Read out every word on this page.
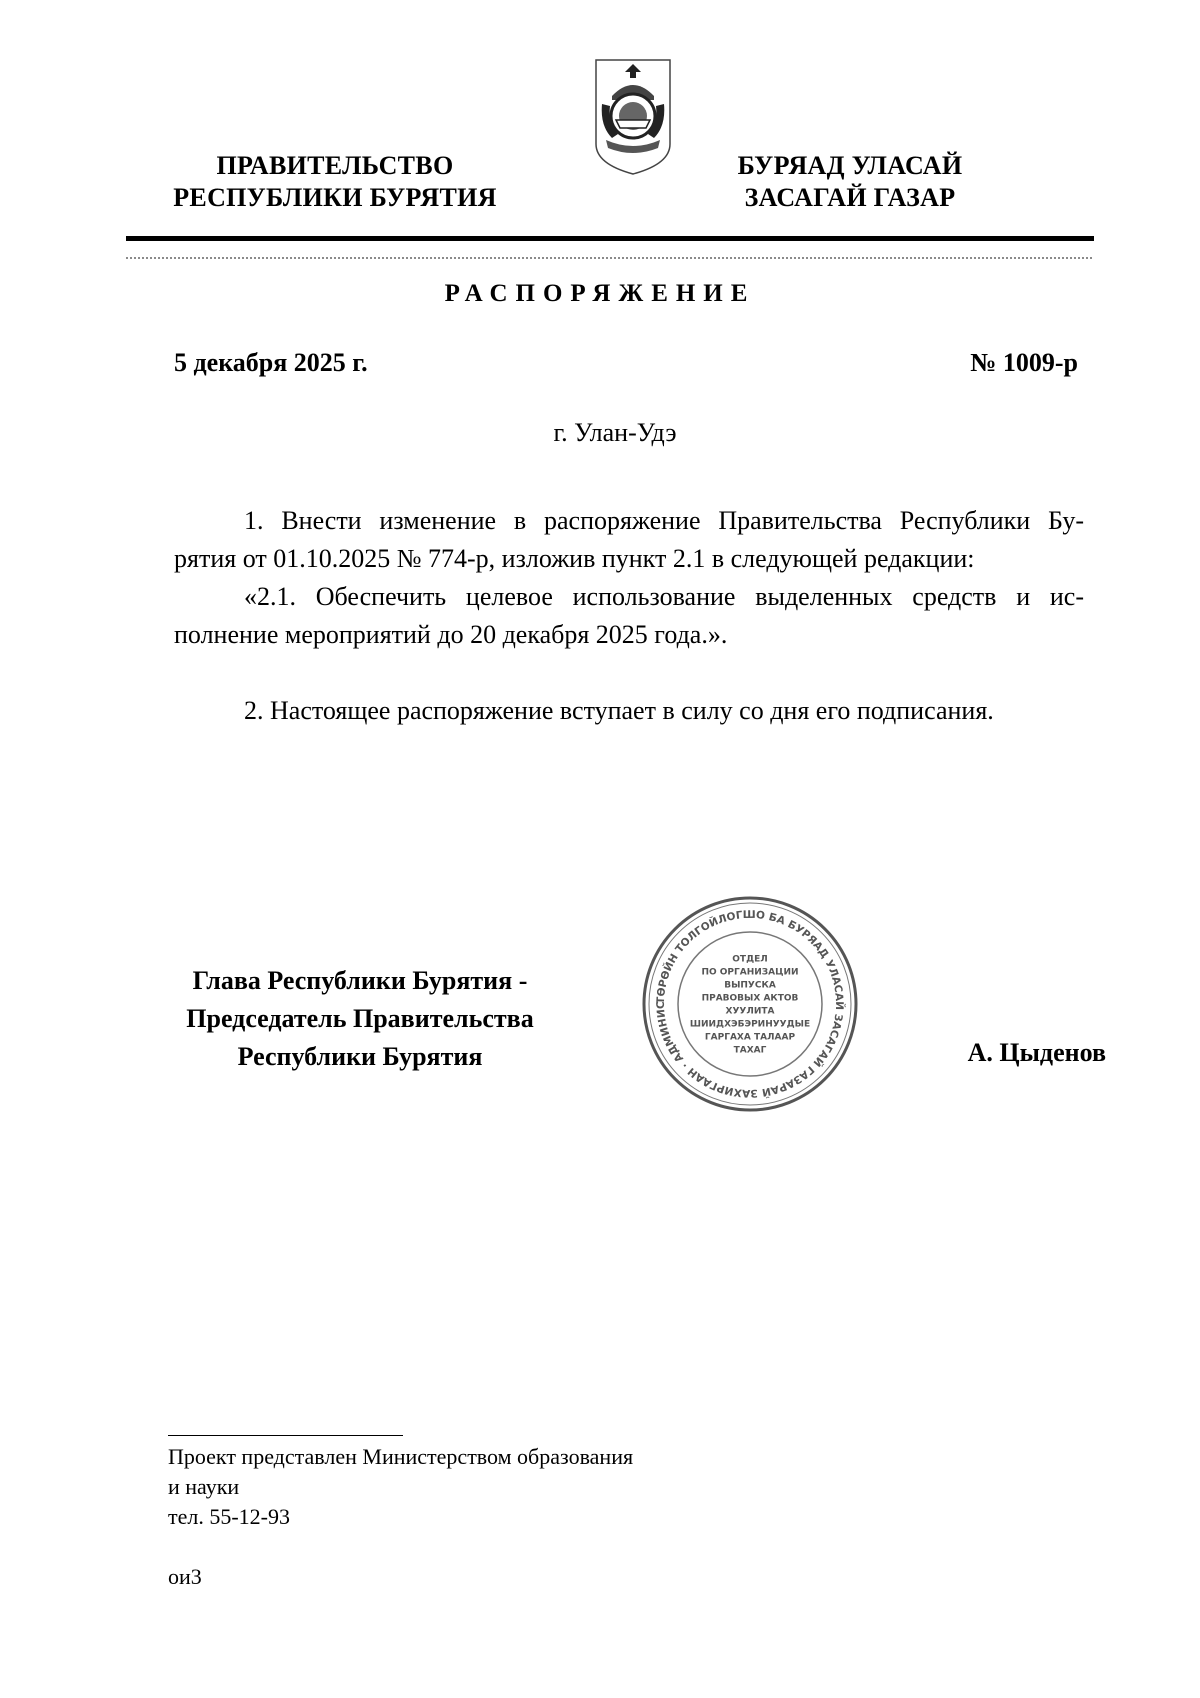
ПРАВИТЕЛЬСТВО
РЕСПУБЛИКИ БУРЯТИЯ
БУРЯАД УЛАСАЙ
ЗАСАГАЙ ГАЗАР
РАСПОРЯЖЕНИЕ
5 декабря 2025 г.	№ 1009-р
г. Улан-Удэ
1. Внести изменение в распоряжение Правительства Республики Бу-
рятия от 01.10.2025 № 774-р, изложив пункт 2.1 в следующей редакции:
«2.1. Обеспечить целевое использование выделенных средств и ис-
полнение мероприятий до 20 декабря 2025 года.».
2. Настоящее распоряжение вступает в силу со дня его подписания.
Глава Республики Бурятия -
Председатель Правительства
Республики Бурятия
ТӨРӨЙН ТОЛГОЙЛОГШО БА БУРЯАД УЛАСАЙ ЗАСАГАЙ ГАЗАРАЙ ЗАХИРГААН · АДМИНИС
ОТДЕЛ
ПО ОРГАНИЗАЦИИ
ВЫПУСКА
ПРАВОВЫХ АКТОВ
ХУУЛИТА
ШИИДХЭБЭРИНУУДЫЕ
ГАРГАХА ТАЛААР
ТАХАГ	А. Цыденов
Проект представлен Министерством образования
и науки
тел. 55-12-93
ои3
